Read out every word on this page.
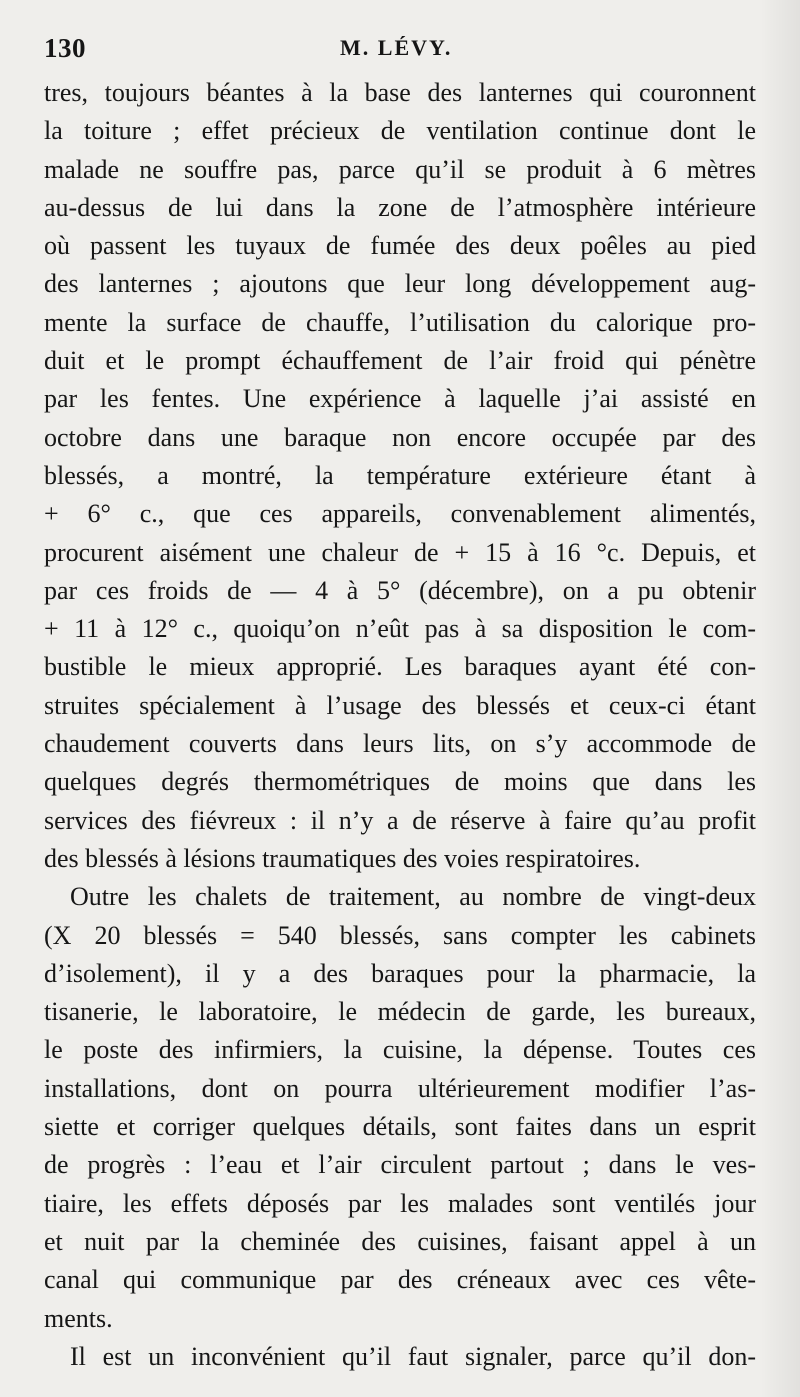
130	M. LÉVY.
tres, toujours béantes à la base des lanternes qui couronnent
la toiture ; effet précieux de ventilation continue dont le
malade ne souffre pas, parce qu’il se produit à 6 mètres
au-dessus de lui dans la zone de l’atmosphère intérieure
où passent les tuyaux de fumée des deux poêles au pied
des lanternes ; ajoutons que leur long développement aug-
mente la surface de chauffe, l’utilisation du calorique pro-
duit et le prompt échauffement de l’air froid qui pénètre
par les fentes. Une expérience à laquelle j’ai assisté en
octobre dans une baraque non encore occupée par des
blessés, a montré, la température extérieure étant à
+ 6° c., que ces appareils, convenablement alimentés,
procurent aisément une chaleur de + 15 à 16 °c. Depuis, et
par ces froids de — 4 à 5° (décembre), on a pu obtenir
+ 11 à 12° c., quoiqu’on n’eût pas à sa disposition le com-
bustible le mieux approprié. Les baraques ayant été con-
struites spécialement à l’usage des blessés et ceux-ci étant
chaudement couverts dans leurs lits, on s’y accommode de
quelques degrés thermométriques de moins que dans les
services des fiévreux : il n’y a de réserve à faire qu’au profit
des blessés à lésions traumatiques des voies respiratoires.
Outre les chalets de traitement, au nombre de vingt-deux
(X 20 blessés = 540 blessés, sans compter les cabinets
d’isolement), il y a des baraques pour la pharmacie, la
tisanerie, le laboratoire, le médecin de garde, les bureaux,
le poste des infirmiers, la cuisine, la dépense. Toutes ces
installations, dont on pourra ultérieurement modifier l’as-
siette et corriger quelques détails, sont faites dans un esprit
de progrès : l’eau et l’air circulent partout ; dans le ves-
tiaire, les effets déposés par les malades sont ventilés jour
et nuit par la cheminée des cuisines, faisant appel à un
canal qui communique par des créneaux avec ces vête-
ments.
Il est un inconvénient qu’il faut signaler, parce qu’il don-
